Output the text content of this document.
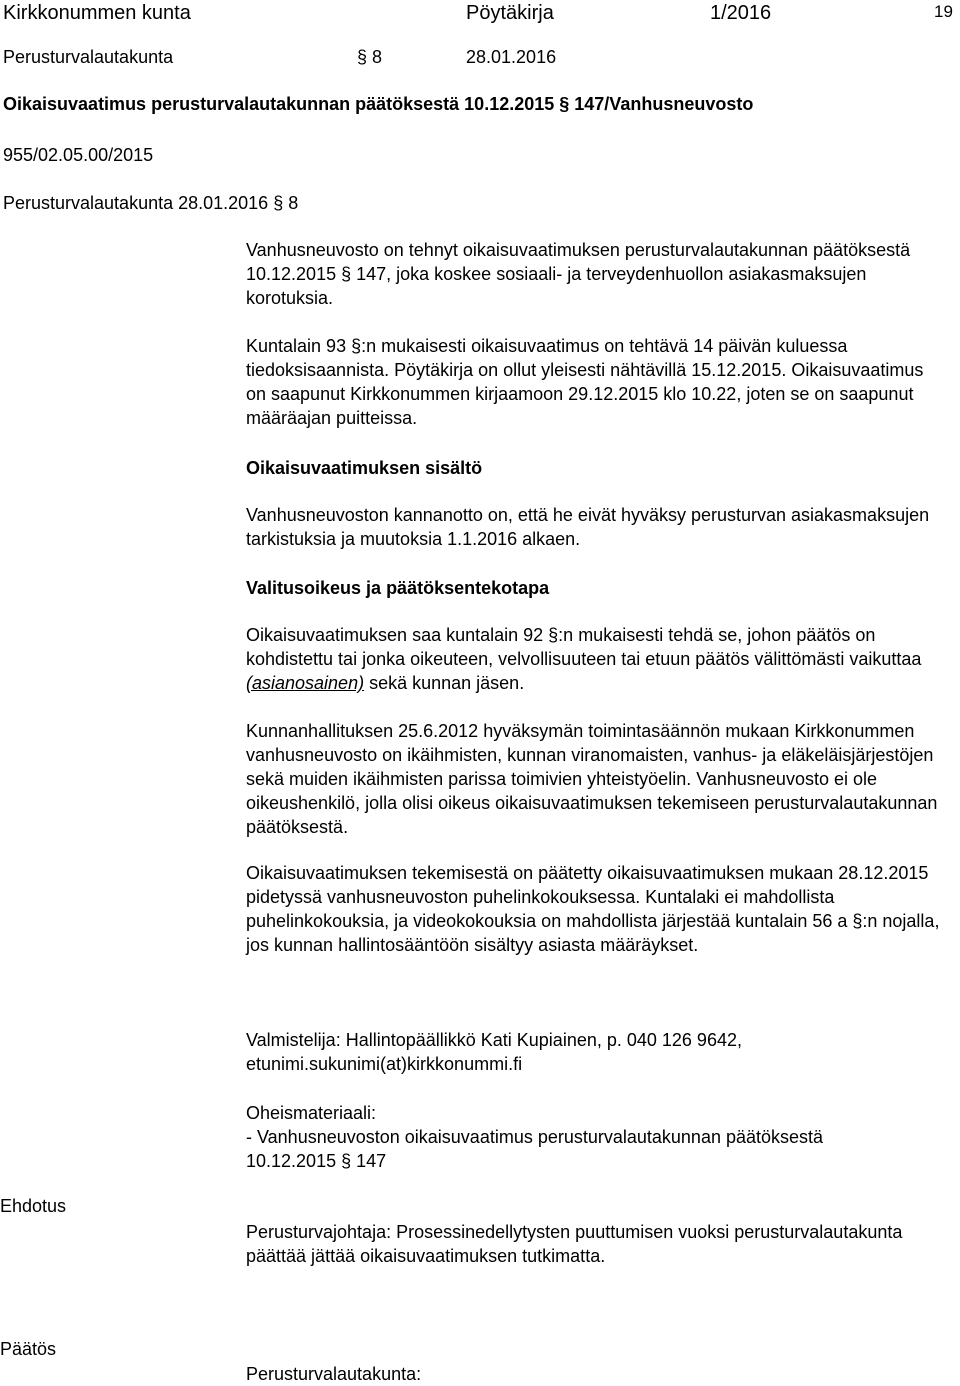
Kirkkonummen kunta	Pöytäkirja	1/2016	19
Perusturvalautakunta	§ 8	28.01.2016
Oikaisuvaatimus perusturvalautakunnan päätöksestä 10.12.2015 § 147/Vanhusneuvosto
955/02.05.00/2015
Perusturvalautakunta 28.01.2016 § 8

Vanhusneuvosto on tehnyt oikaisuvaatimuksen perusturvalautakunnan päätöksestä 10.12.2015 § 147, joka koskee sosiaali- ja terveydenhuollon asiakasmaksujen korotuksia.

Kuntalain 93 §:n mukaisesti oikaisuvaatimus on tehtävä 14 päivän kuluessa tiedoksisaannista. Pöytäkirja on ollut yleisesti nähtävillä 15.12.2015. Oikaisuvaatimus on saapunut Kirkkonummen kirjaamoon 29.12.2015 klo 10.22, joten se on saapunut määräajan puitteissa.

Oikaisuvaatimuksen sisältö

Vanhusneuvoston kannanotto on, että he eivät hyväksy perusturvan asiakasmaksujen tarkistuksia ja muutoksia 1.1.2016 alkaen.

Valitusoikeus ja päätöksentekotapa

Oikaisuvaatimuksen saa kuntalain 92 §:n mukaisesti tehdä se, johon päätös on kohdistettu tai jonka oikeuteen, velvollisuuteen tai etuun päätös välittömästi vaikuttaa (asianosainen) sekä kunnan jäsen.

Kunnanhallituksen 25.6.2012 hyväksymän toimintasäännön mukaan Kirkkonummen vanhusneuvosto on ikäihmisten, kunnan viranomaisten, vanhus- ja eläkeläisjärjestöjen sekä muiden ikäihmisten parissa toimivien yhteistyöelin. Vanhusneuvosto ei ole oikeushenkilö, jolla olisi oikeus oikaisuvaatimuksen tekemiseen perusturvalautakunnan päätöksestä.

Oikaisuvaatimuksen tekemisestä on päätetty oikaisuvaatimuksen mukaan 28.12.2015 pidetyssä vanhusneuvoston puhelinkokouksessa. Kuntalaki ei mahdollista puhelinkokouksia, ja videokokouksia on mahdollista järjestää kuntalain 56 a §:n nojalla, jos kunnan hallintosääntöön sisältyy asiasta määräykset.

Valmistelija: Hallintopäällikkö Kati Kupiainen, p. 040 126 9642,

etunimi.sukunimi(at)kirkkonummi.fi

Oheismateriaali:

- Vanhusneuvoston oikaisuvaatimus perusturvalautakunnan päätöksestä

10.12.2015 § 147

Ehdotus

Perusturvajohtaja: Prosessinedellytysten puuttumisen vuoksi perusturvalautakunta päättää jättää oikaisuvaatimuksen tutkimatta.

Päätös

Perusturvalautakunta:
